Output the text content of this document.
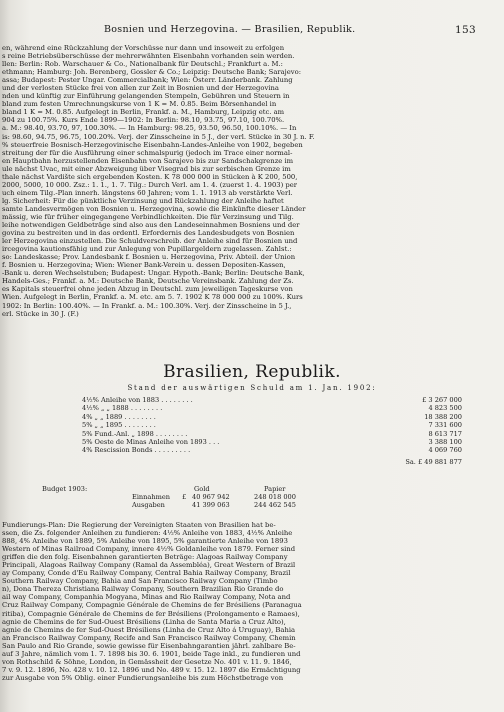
Bosnien und Herzegovina. — Brasilien, Republik.	153
en, während eine Rückzahlung der Vorschüsse nur dann und insoweit zu erfolgen
s reine Betriebsüberschüsse der mehrerwähnten Eisenbahn vorhanden sein werden.
llen: Berlin: Rob. Warschauer & Co., Nationalbank für Deutschl.; Frankfurt a. M.:
ethmann; Hamburg: Joh. Berenberg, Gossler & Co.; Leipzig: Deutsche Bank; Sarajevo:
assa; Budapest: Pester Ungar. Commercialbank; Wien: Österr. Länderbank. Zahlung
und der verlosten Stücke frei von allen zur Zeit in Bosnien und der Herzegovina
nden und künftig zur Einführung gelangenden Stempeln, Gebühren und Steuern in
bland zum festen Umrechnungskurse von 1 K = M. 0.85. Beim Börsenhandel in
bland 1 K = M. 0.85. Aufgelegt in Berlin, Frankf. a. M., Hamburg, Leipzig etc. am
904 zu 100.75%. Kurs Ende 1899—1902: In Berlin: 98.10, 93.75, 97.10, 100.70%.
a. M.: 98.40, 93.70, 97, 100.30%. — In Hamburg: 98.25, 93.50, 96.50, 100.10%. — In
is: 98.60, 94.75, 96.75, 100.20%. Verj. der Zinsscheine in 5 J., der verl. Stücke in 30 J. n. F.
% steuerfreie Bosnisch-Herzegovinische Eisenbahn-Landes-Anleihe von 1902, begeben
streitung der für die Ausführung einer schmalspurig (jedoch im Trace einer normal-
en Hauptbahn herzustellenden Eisenbahn von Sarajevo bis zur Sandschakgrenze im
ule nächst Uvac, mit einer Abzweigung über Visegrad bis zur serbischen Grenze im
thale nächst Vardište sich ergebenden Kosten. K 78 000 000 in Stücken à K 200, 500,
2000, 5000, 10 000. Zsz.: 1. 1., 1. 7. Tilg.: Durch Verl. am 1. 4. (zuerst 1. 4. 1903) per
uch einem Tilg.-Plan innerh. längstens 60 Jahren; vom 1. 1. 1913 ab verstärkte Verl.
lg. Sicherheit: Für die pünktliche Verzinsung und Rückzahlung der Anleihe haftet
samte Landesvermögen von Bosnien u. Herzegovina, sowie die Einkünfte dieser Länder
mässig, wie für früher eingegangene Verbindlichkeiten. Die für Verzinsung und Tilg.
leihe notwendigen Geldbeträge sind also aus den Landeseinnahmen Bosniens und der
govina zu bestreiten und in das ordentl. Erfordernis des Landesbudgets von Bosnien
ler Herzegovina einzustellen. Die Schuldverschreib. der Anleihe sind für Bosnien und
ircegovina kautionsfähig und zur Anlegung von Pupillargeldern zugelassen. Zahlst.:
so: Landeskasse; Prov. Landesbank f. Bosnien u. Herzegovina, Priv. Abteil. der Union
f. Bosnien u. Herzegovina; Wien: Wiener Bank-Verein u. dessen Depositen-Kassen,
-Bank u. deren Wechselstuben; Budapest: Ungar. Hypoth.-Bank; Berlin: Deutsche Bank,
Handels-Ges.; Frankf. a. M.: Deutsche Bank, Deutsche Vereinsbank. Zahlung der Zs.
es Kapitals steuerfrei ohne jeden Abzug in Deutschl. zum jeweiligen Tageskurse von
Wien. Aufgelegt in Berlin, Frankf. a. M. etc. am 5. 7. 1902 K 78 000 000 zu 100%. Kurs
1902: In Berlin: 100.40%. — In Frankf. a. M.: 100.30%. Verj. der Zinsscheine in 5 J.,
erl. Stücke in 30 J. (F.)
Brasilien, Republik.
Stand der auswärtigen Schuld am 1. Jan. 1902:
4½% Anleihe von 1883 . . . . . . . .	£ 3 267 000
4½% „ „ 1888 . . . . . . . .	4 823 500
4% „ „ 1889 . . . . . . . .	18 388 200
5% „ „ 1895 . . . . . . . .	7 331 600
5% Fund.-Anl. „ 1898 . . . . . . . .	8 613 717
5% Oeste de Minas Anleihe von 1893 . . .	3 388 100
4% Rescission Bonds . . . . . . . . .	4 069 760
Sa. £ 49 881 877
Budget 1903:	Gold	Papier
Einnahmen £ 40 967 942	248 018 000
Ausgaben	41 399 063	244 462 545
Fundierungs-Plan: Die Regierung der Vereinigten Staaten von Brasilien hat be-
ssen, die Zs. folgender Anleihen zu fundieren: 4½% Anleihe von 1883, 4½% Anleihe
888, 4% Anleihe von 1889, 5% Anleihe von 1895, 5% garantierte Anleihe von 1893
Western of Minas Railroad Company, innere 4½% Goldanleihe von 1879. Ferner sind
griffen die den folg. Eisenbahnen garantierten Beträge: Alagoas Railway Company
Principali, Alagoas Railway Company (Ramal da Assembléa), Great Western of Brazil
ay Company, Conde d'Eu Railway Company, Central Bahia Railway Company, Brazil
Southern Railway Company, Bahia and San Francisco Railway Company (Timbo
n), Dona Thereza Christiana Railway Company, Southern Brazilian Rio Grande do
ail way Company, Companhia Mogyana, Minas and Rio Railway Company, Nota and
Cruz Railway Company, Compagnie Générale de Chemins de fer Brésiliens (Paranagua
ritiba), Compagnie Générale de Chemins de fer Brésiliens (Prolongamento e Ramaes),
agnie de Chemins de fer Sud-Ouest Brésiliens (Linha de Santa Maria a Cruz Alto),
agnie de Chemins de fer Sud-Ouest Brésiliens (Linha de Cruz Alto á Uruguay), Bahia
an Francisco Railway Company, Recife and San Francisco Railway Company, Chemin
San Paulo and Rio Grande, sowie gewisse für Eisenbahngarantien jährl. zahlbare Be-
auf 3 Jahre, nämlich vom 1. 7. 1898 bis 30. 6. 1901, beide Tage inkl., zu fundieren und
von Rothschild & Söhne, London, in Gemässheit der Gesetze No. 401 v. 11. 9. 1846,
7 v. 9. 12. 1896, No. 428 v. 10. 12. 1896 und No. 489 v. 15. 12. 1897 die Ermächtigung
zur Ausgabe von 5% Oblig. einer Fundierungsanleihe bis zum Höchstbetrage von
